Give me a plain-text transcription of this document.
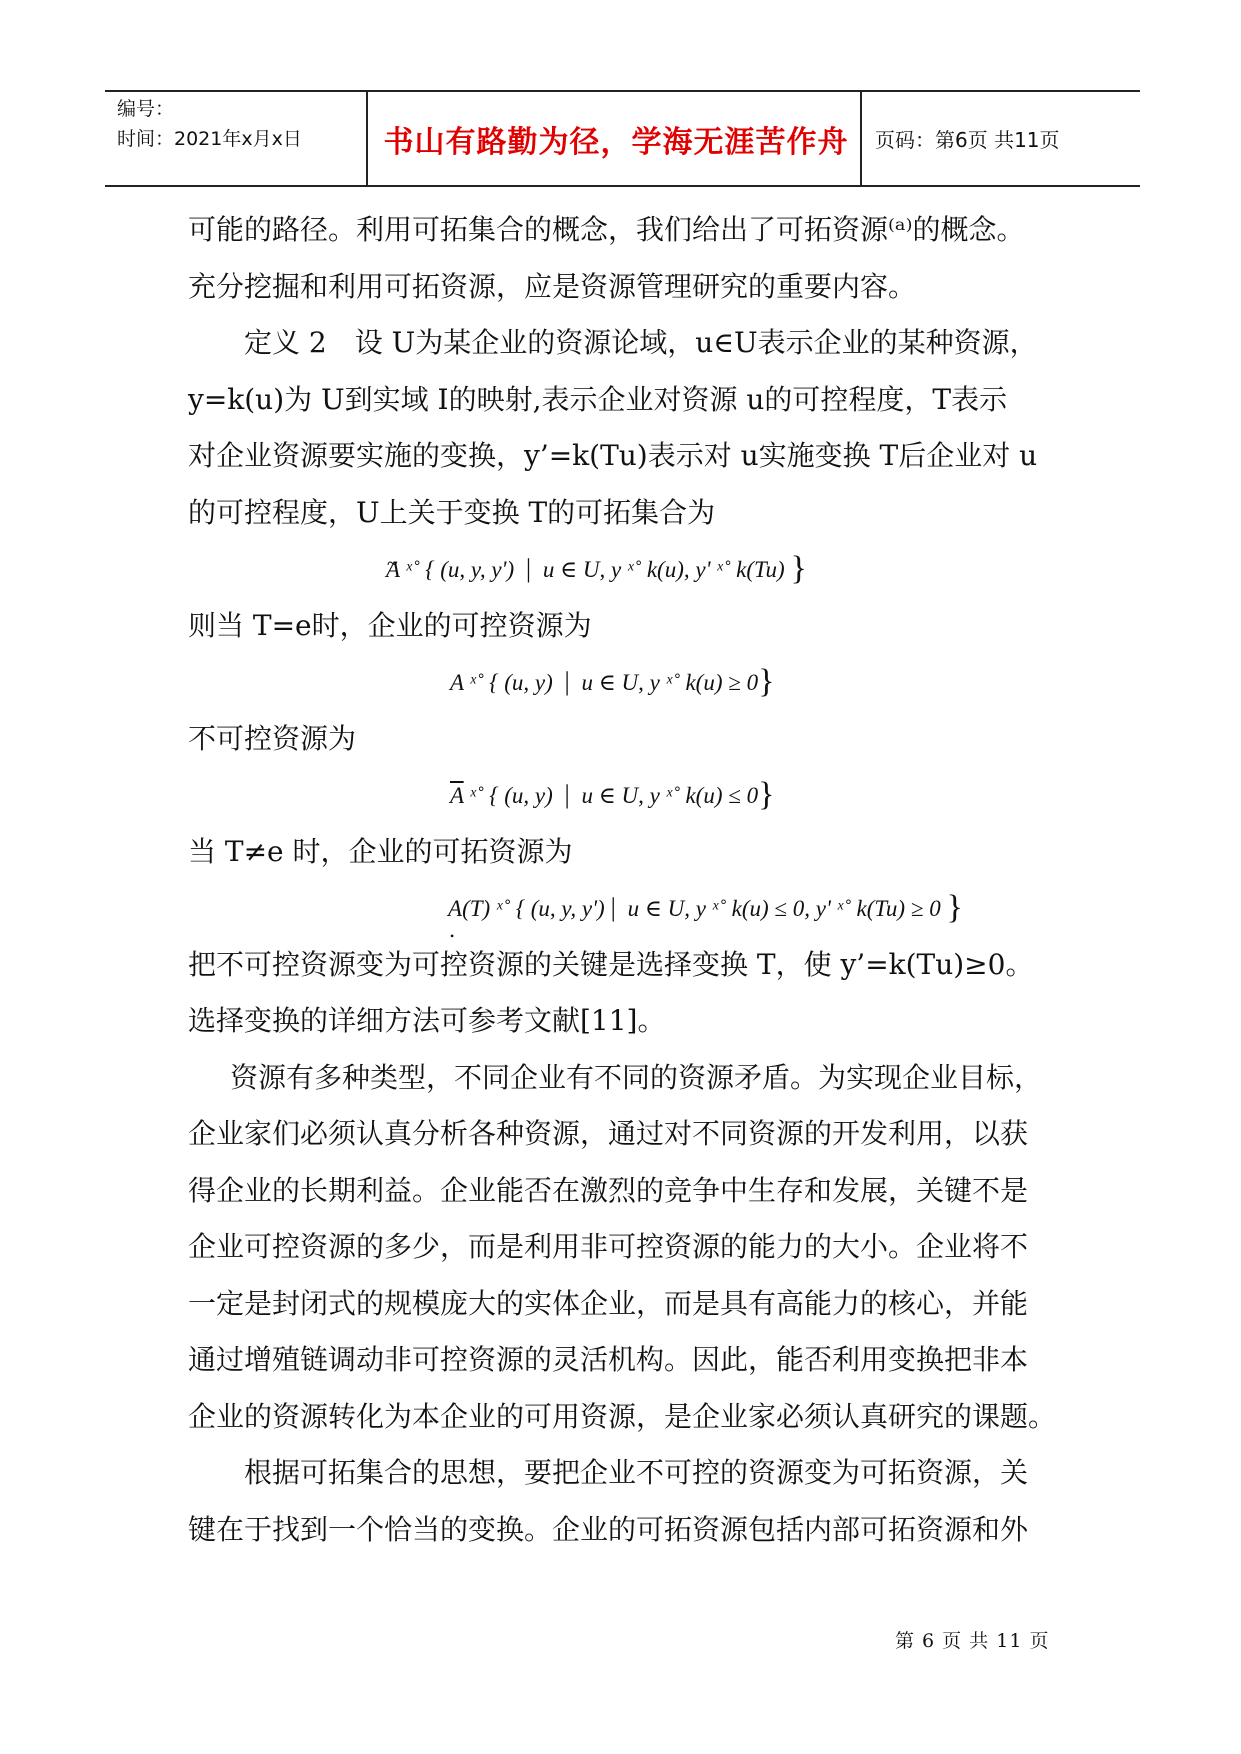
编号：
时间：2021年x月x日	书山有路勤为径，学海无涯苦作舟	页码：第6页 共11页

可能的路径。利用可拓集合的概念，我们给出了可拓资源⁽ᵃ⁾的概念。

充分挖掘和利用可拓资源，应是资源管理研究的重要内容。

定义 2　设 U为某企业的资源论域，u∈U表示企业的某种资源，

y=k(u)为 U到实域 I的映射,表示企业对资源 u的可控程度，T表示

对企业资源要实施的变换，y’=k(Tu)表示对 u实施变换 T后企业对 u

的可控程度，U上关于变换 T的可拓集合为

~ A ˣ˚ { (u, y, y') | u ∈ U, y ˣ˚ k(u), y' ˣ˚ k(Tu) }

则当 T=e时，企业的可控资源为

A ˣ˚ { (u, y) | u ∈ U, y ˣ˚ k(u) ≥ 0}

不可控资源为

$\overline{A}$ ˣ˚ { (u, y) | u ∈ U, y ˣ˚ k(u) ≤ 0}

当 T≠e 时，企业的可拓资源为

A •(T) ˣ˚ { (u, y, y') | u ∈ U, y ˣ˚ k(u) ≤ 0, y' ˣ˚ k(Tu) ≥ 0 }

把不可控资源变为可控资源的关键是选择变换 T，使 y’=k(Tu)≥0。

选择变换的详细方法可参考文献[11]。

资源有多种类型，不同企业有不同的资源矛盾。为实现企业目标，

企业家们必须认真分析各种资源，通过对不同资源的开发利用，以获

得企业的长期利益。企业能否在激烈的竞争中生存和发展，关键不是

企业可控资源的多少，而是利用非可控资源的能力的大小。企业将不

一定是封闭式的规模庞大的实体企业，而是具有高能力的核心，并能

通过增殖链调动非可控资源的灵活机构。因此，能否利用变换把非本

企业的资源转化为本企业的可用资源，是企业家必须认真研究的课题。

根据可拓集合的思想，要把企业不可控的资源变为可拓资源，关

键在于找到一个恰当的变换。企业的可拓资源包括内部可拓资源和外

第 6 页 共 11 页
